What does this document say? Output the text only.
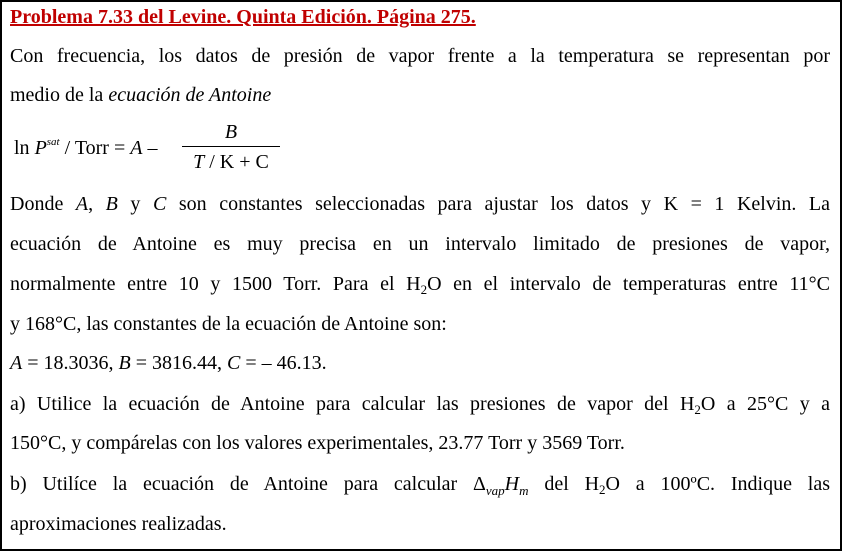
Problema 7.33 del Levine. Quinta Edición. Página 275.
Con frecuencia, los datos de presión de vapor frente a la temperatura se representan por
medio de la ecuación de Antoine
$\ln P^{sat}$ / Torr = A –
B
T / K + C
Donde A, B y C son constantes seleccionadas para ajustar los datos y K = 1 Kelvin. La
ecuación de Antoine es muy precisa en un intervalo limitado de presiones de vapor,
normalmente entre 10 y 1500 Torr. Para el $H_2O$ en el intervalo de temperaturas entre 11°C
y 168°C, las constantes de la ecuación de Antoine son:
A = 18.3036, B = 3816.44, C = – 46.13.
a) Utilice la ecuación de Antoine para calcular las presiones de vapor del $H_2O$ a 25°C y a
150°C, y compárelas con los valores experimentales, 23.77 Torr y 3569 Torr.
b) Utilíce la ecuación de Antoine para calcular $\Delta_{vap}H_m$ del $H_2O$ a 100ºC. Indique las
aproximaciones realizadas.
